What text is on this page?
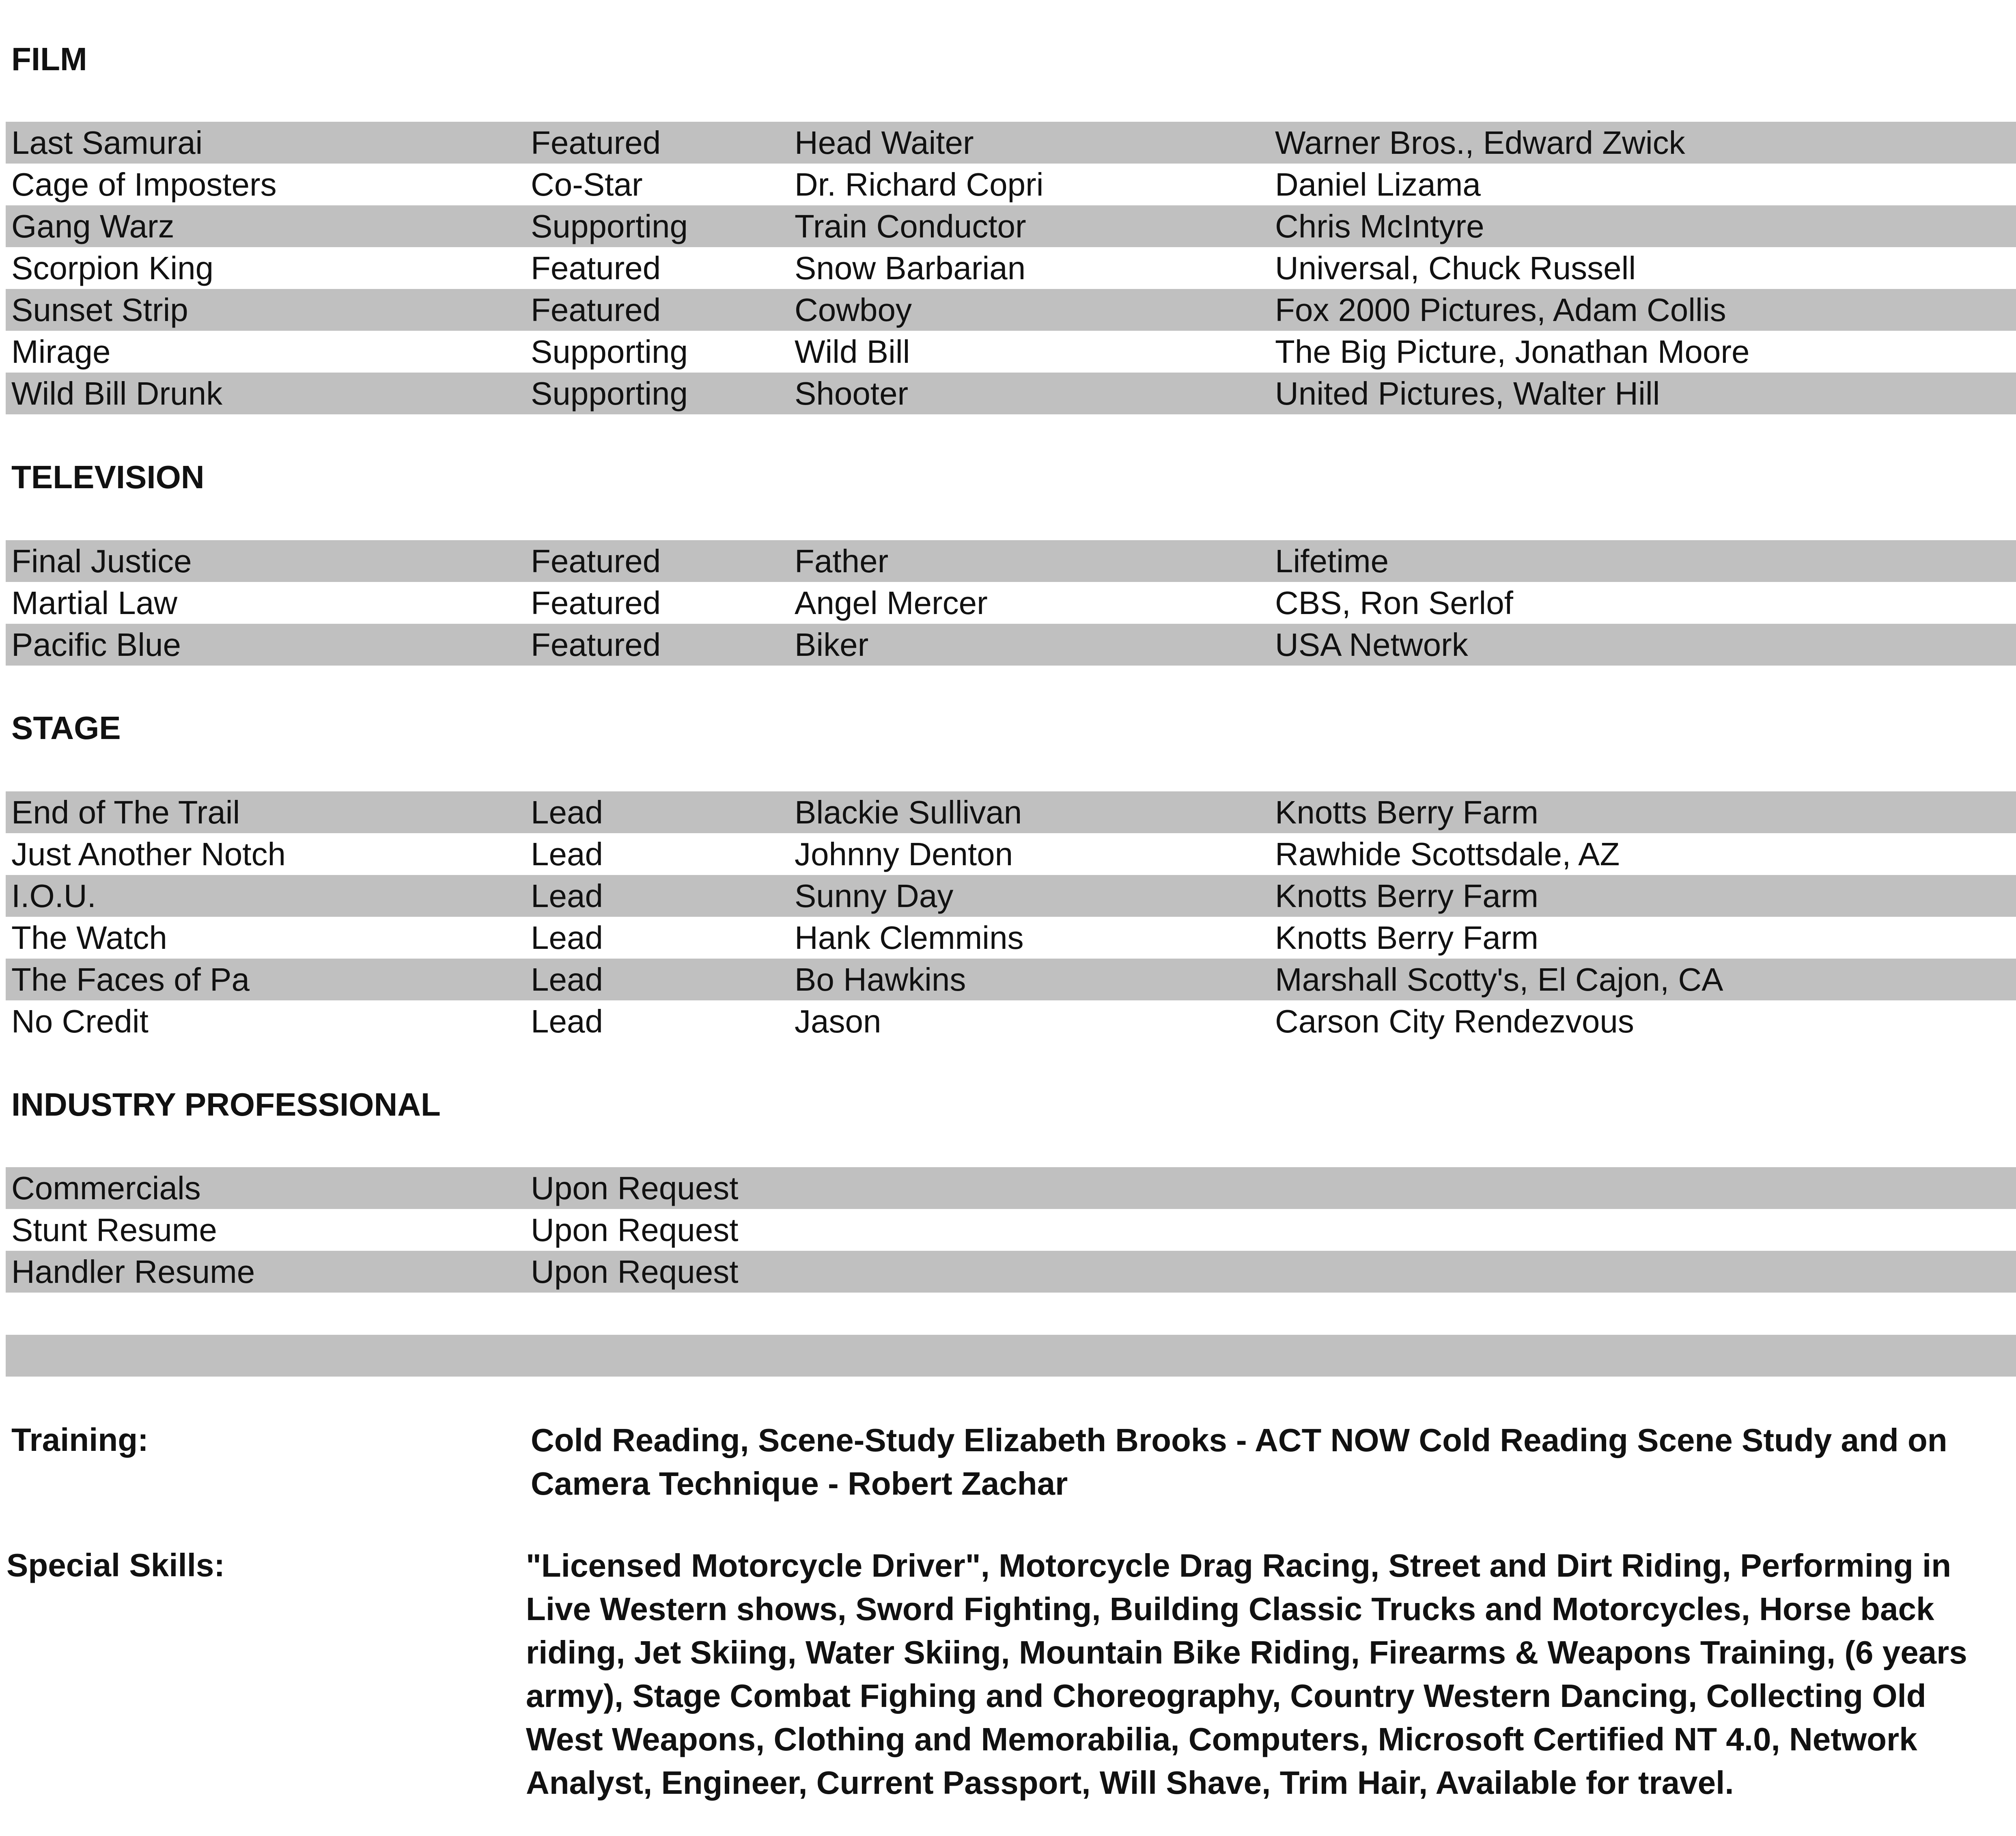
FILM
Last Samurai	Featured	Head Waiter	Warner Bros., Edward Zwick
Cage of Imposters	Co-Star	Dr. Richard Copri	Daniel Lizama
Gang Warz	Supporting	Train Conductor	Chris McIntyre
Scorpion King	Featured	Snow Barbarian	Universal, Chuck Russell
Sunset Strip	Featured	Cowboy	Fox 2000 Pictures, Adam Collis
Mirage	Supporting	Wild Bill	The Big Picture, Jonathan Moore
Wild Bill Drunk	Supporting	Shooter	United Pictures, Walter Hill
TELEVISION
Final Justice	Featured	Father	Lifetime
Martial Law	Featured	Angel Mercer	CBS, Ron Serlof
Pacific Blue	Featured	Biker	USA Network
STAGE
End of The Trail	Lead	Blackie Sullivan	Knotts Berry Farm
Just Another Notch	Lead	Johnny Denton	Rawhide Scottsdale, AZ
I.O.U.	Lead	Sunny Day	Knotts Berry Farm
The Watch	Lead	Hank Clemmins	Knotts Berry Farm
The Faces of Pa	Lead	Bo Hawkins	Marshall Scotty's, El Cajon, CA
No Credit	Lead	Jason	Carson City Rendezvous
INDUSTRY PROFESSIONAL
Commercials	Upon Request
Stunt Resume	Upon Request
Handler Resume	Upon Request
Training:	Cold Reading, Scene-Study Elizabeth Brooks - ACT NOW Cold Reading Scene Study and on Camera Technique - Robert Zachar
Special Skills:	"Licensed Motorcycle Driver", Motorcycle Drag Racing, Street and Dirt Riding, Performing in Live Western shows, Sword Fighting, Building Classic Trucks and Motorcycles, Horse back riding, Jet Skiing, Water Skiing, Mountain Bike Riding, Firearms & Weapons Training, (6 years army), Stage Combat Fighing and Choreography, Country Western Dancing, Collecting Old West Weapons, Clothing and Memorabilia, Computers, Microsoft Certified NT 4.0, Network Analyst, Engineer, Current Passport, Will Shave, Trim Hair, Available for travel.
